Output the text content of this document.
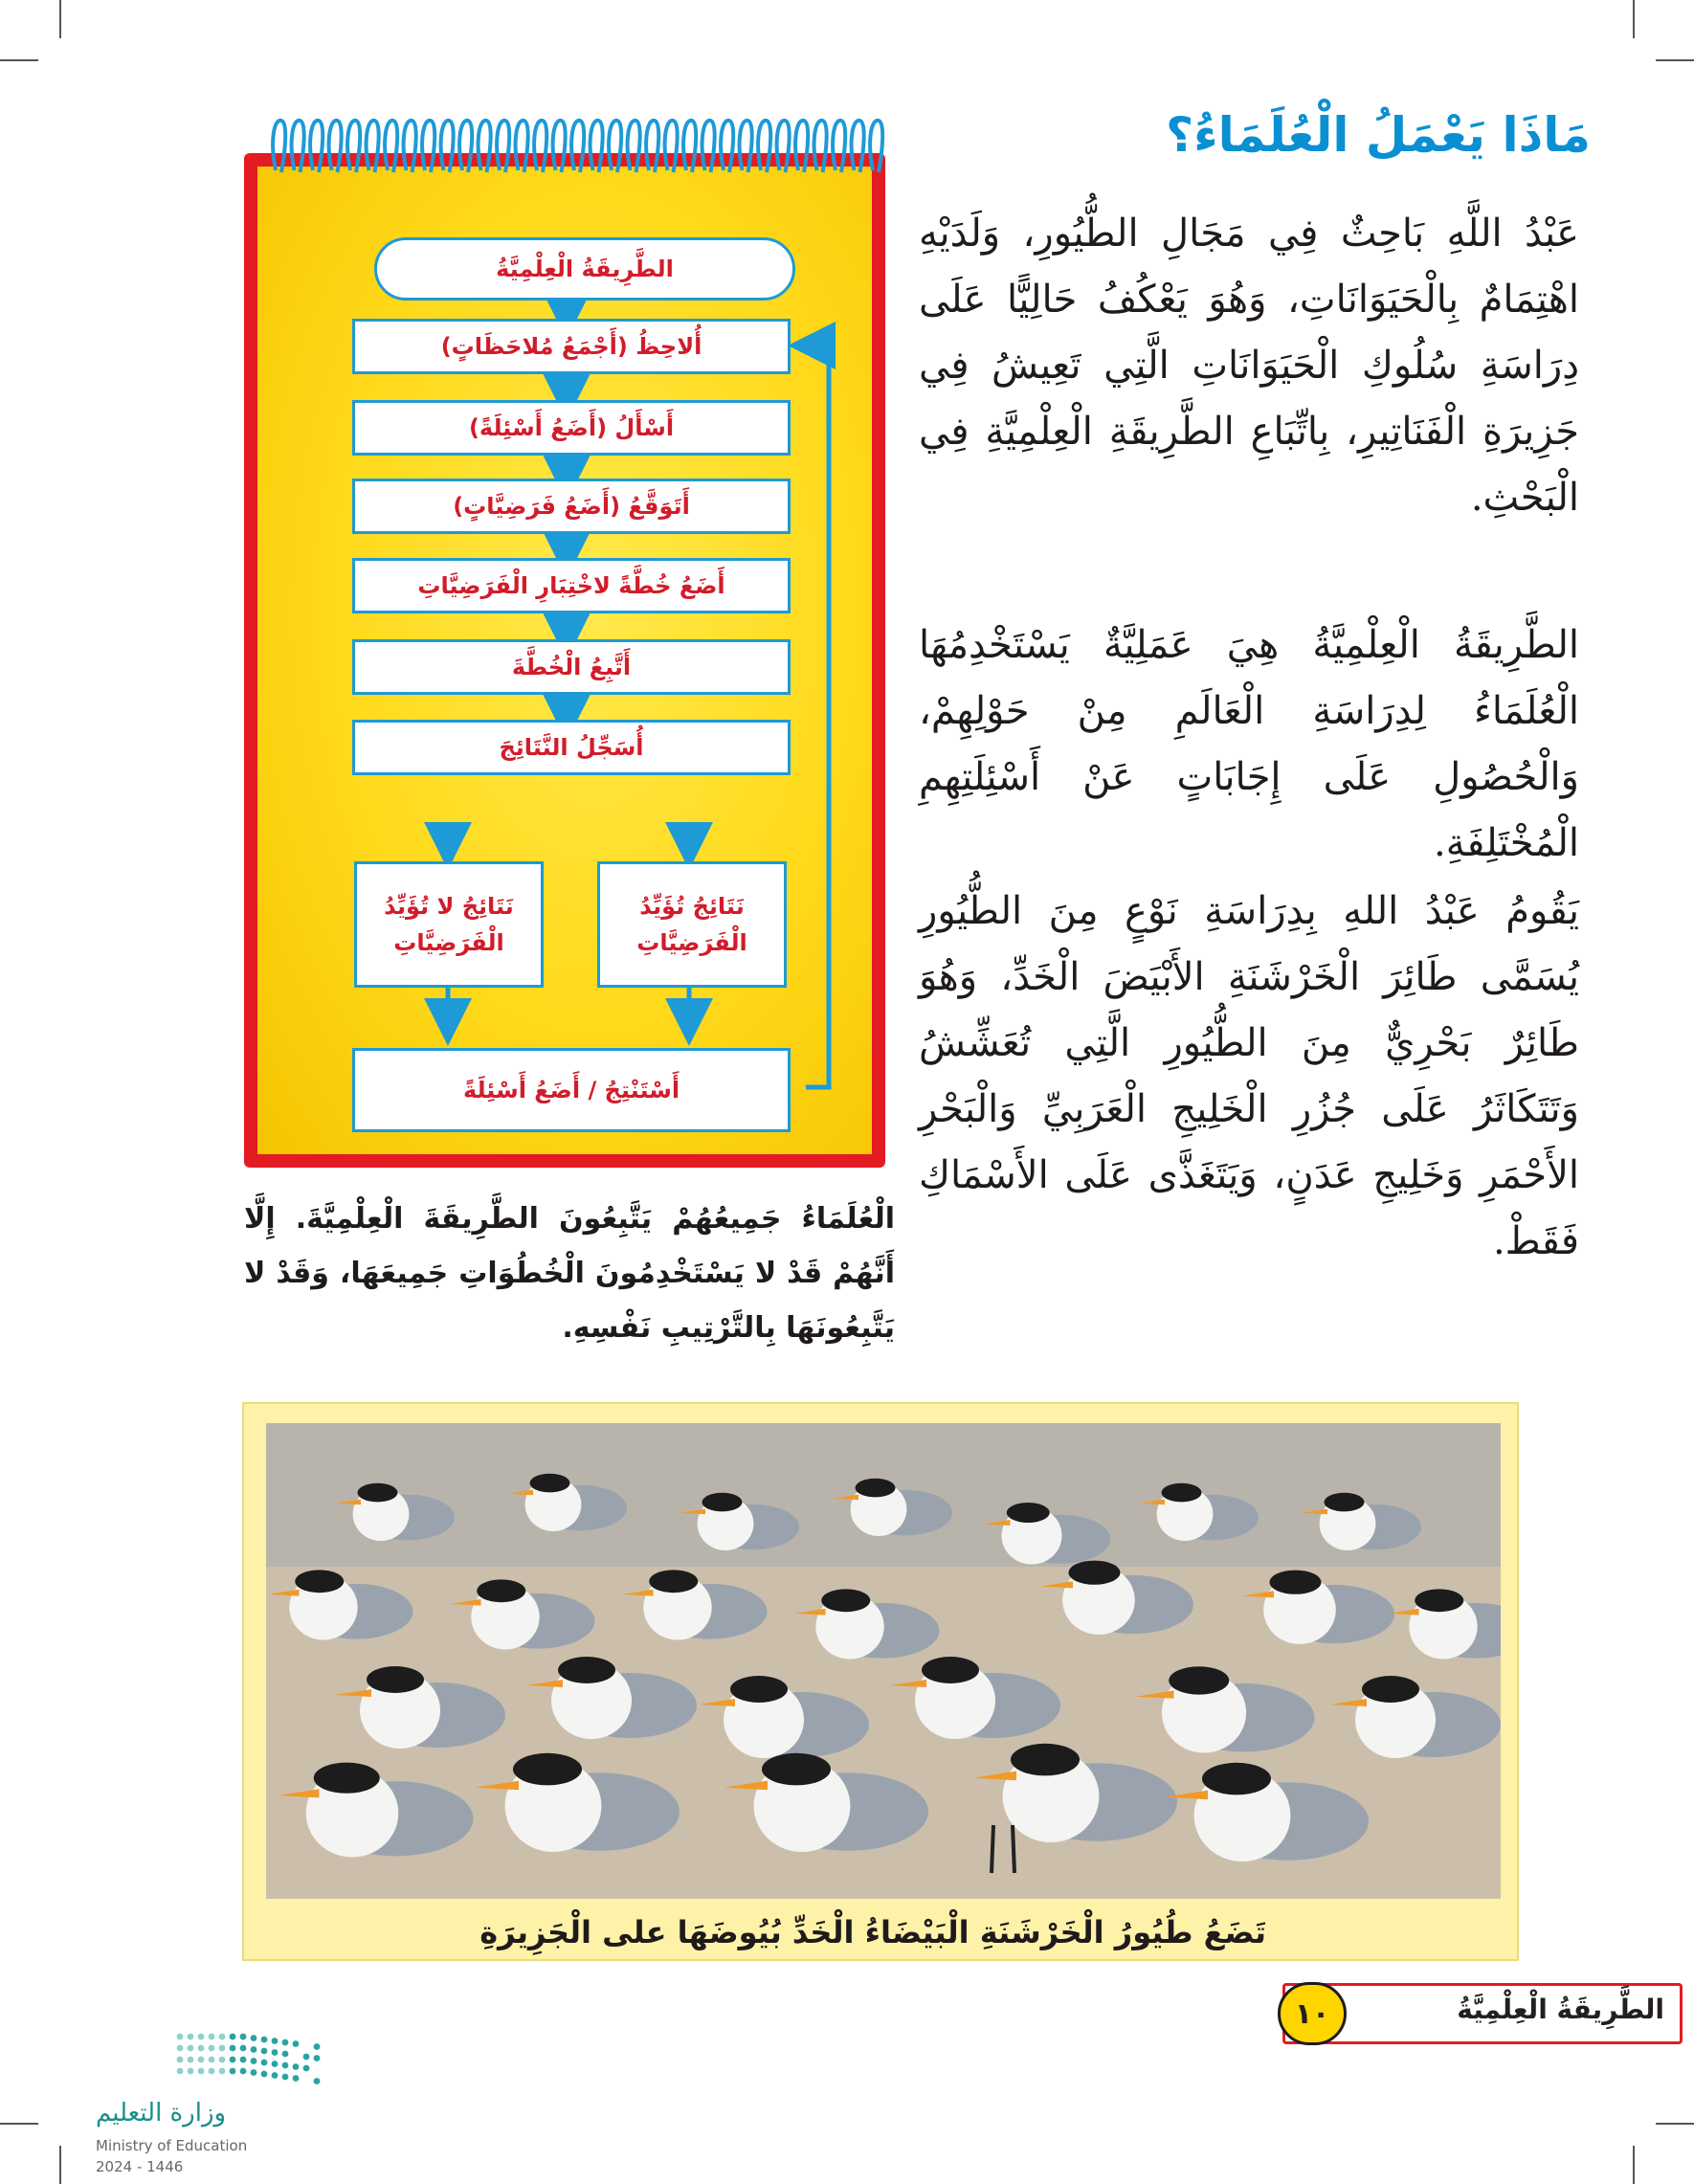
مَاذَا يَعْمَلُ الْعُلَمَاءُ؟

عَبْدُ اللَّهِ بَاحِثٌ فِي مَجَالِ الطُّيُورِ، وَلَدَيْهِ اهْتِمَامٌ بِالْحَيَوَانَاتِ، وَهُوَ يَعْكُفُ حَالِيًّا عَلَى دِرَاسَةِ سُلُوكِ الْحَيَوَانَاتِ الَّتِي تَعِيشُ فِي جَزِيرَةِ الْفَنَاتِيرِ، بِاتِّبَاعِ الطَّرِيقَةِ الْعِلْمِيَّةِ فِي الْبَحْثِ.

الطَّرِيقَةُ الْعِلْمِيَّةُ هِيَ عَمَلِيَّةٌ يَسْتَخْدِمُهَا الْعُلَمَاءُ لِدِرَاسَةِ الْعَالَمِ مِنْ حَوْلِهِمْ، وَالْحُصُولِ عَلَى إِجَابَاتٍ عَنْ أَسْئِلَتِهِمِ الْمُخْتَلِفَةِ.

يَقُومُ عَبْدُ اللهِ بِدِرَاسَةِ نَوْعٍ مِنَ الطُّيُورِ يُسَمَّى طَائِرَ الْخَرْشَنَةِ الأَبْيَضَ الْخَدِّ، وَهُوَ طَائِرٌ بَحْرِيٌّ مِنَ الطُّيُورِ الَّتِي تُعَشِّشُ وَتَتَكَاثَرُ عَلَى جُزُرِ الْخَلِيجِ الْعَرَبِيِّ وَالْبَحْرِ الأَحْمَرِ وَخَلِيجِ عَدَنٍ، وَيَتَغَذَّى عَلَى الأَسْمَاكِ فَقَطْ.

الطَّرِيقَةُ الْعِلْمِيَّةُ
أُلاحِظُ (أَجْمَعُ مُلاحَظَاتٍ)
أَسْأَلُ (أَضَعُ أَسْئِلَةً)
أَتَوَقَّعُ (أَضَعُ فَرَضِيَّاتٍ)
أَضَعُ خُطَّةً لاخْتِبَارِ الْفَرَضِيَّاتِ
أَتَّبِعُ الْخُطَّةَ
أُسَجِّلُ النَّتَائِجَ
نَتَائِجُ لا تُؤَيِّدُ الْفَرَضِيَّاتِ
نَتَائِجُ تُؤَيِّدُ الْفَرَضِيَّاتِ
أَسْتَنْتِجُ / أَضَعُ أَسْئِلَةً

الْعُلَمَاءُ جَمِيعُهُمْ يَتَّبِعُونَ الطَّرِيقَةَ الْعِلْمِيَّةَ. إِلَّا أَنَّهُمْ قَدْ لا يَسْتَخْدِمُونَ الْخُطُوَاتِ جَمِيعَهَا، وَقَدْ لا يَتَّبِعُونَهَا بِالتَّرْتِيبِ نَفْسِهِ.

تَضَعُ طُيُورُ الْخَرْشَنَةِ الْبَيْضَاءُ الْخَدِّ بُيُوضَهَا على الْجَزِيرَةِ

وزارة التعليم

Ministry of Education

2024 - 1446

الطَّرِيقَةُ الْعِلْمِيَّةُ

١٠
